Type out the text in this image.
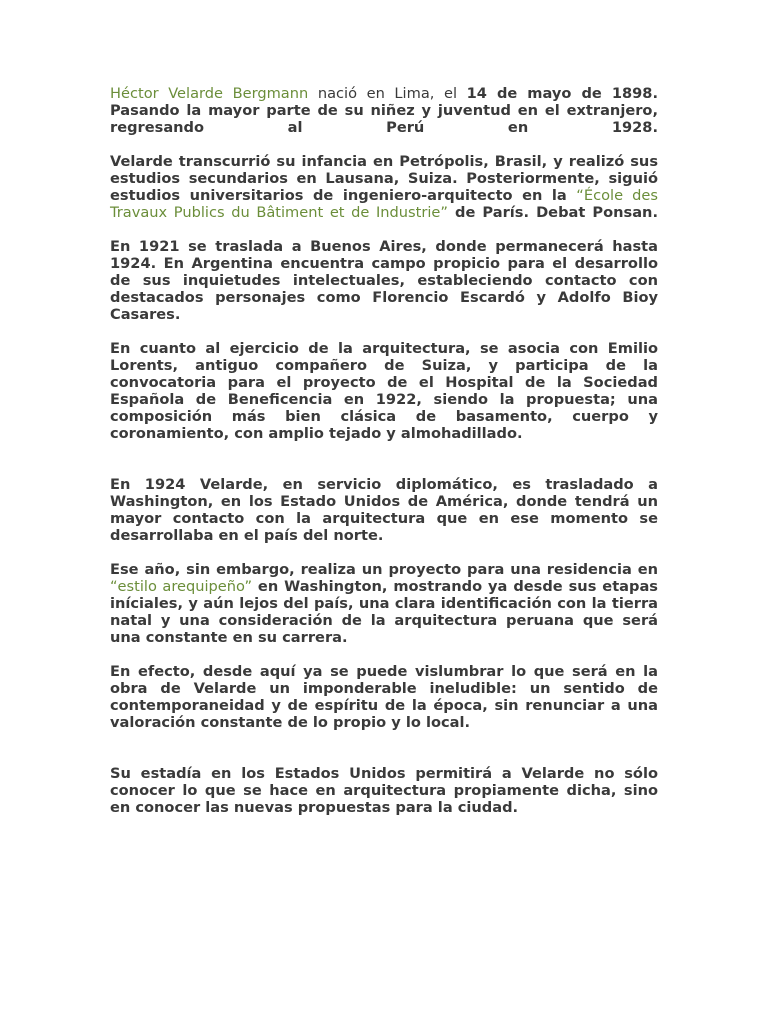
Héctor Velarde Bergmann nació en Lima, el 14 de mayo de 1898. Pasando la mayor parte de su niñez y juventud en el extranjero, regresando al Perú en 1928.

Velarde transcurrió su infancia en Petrópolis, Brasil, y realizó sus estudios secundarios en Lausana, Suiza. Posteriormente, siguió estudios universitarios de ingeniero-arquitecto en la “École des Travaux Publics du Bâtiment et de Industrie” de París. Debat Ponsan.

En 1921 se traslada a Buenos Aires, donde permanecerá hasta 1924. En Argentina encuentra campo propicio para el desarrollo de sus inquietudes intelectuales, estableciendo contacto con destacados personajes como Florencio Escardó y Adolfo Bioy Casares.

En cuanto al ejercicio de la arquitectura, se asocia con Emilio Lorents, antiguo compañero de Suiza, y participa de la convocatoria para el proyecto de el Hospital de la Sociedad Española de Beneficencia en 1922, siendo la propuesta; una composición más bien clásica de basamento, cuerpo y coronamiento, con amplio tejado y almohadillado.

En 1924 Velarde, en servicio diplomático, es trasladado a Washington, en los Estado Unidos de América, donde tendrá un mayor contacto con la arquitectura que en ese momento se desarrollaba en el país del norte.

Ese año, sin embargo, realiza un proyecto para una residencia en “estilo arequipeño” en Washington, mostrando ya desde sus etapas iníciales, y aún lejos del país, una clara identificación con la tierra natal y una consideración de la arquitectura peruana que será una constante en su carrera.

En efecto, desde aquí ya se puede vislumbrar lo que será en la obra de Velarde un imponderable ineludible: un sentido de contemporaneidad y de espíritu de la época, sin renunciar a una valoración constante de lo propio y lo local.

Su estadía en los Estados Unidos permitirá a Velarde no sólo conocer lo que se hace en arquitectura propiamente dicha, sino en conocer las nuevas propuestas para la ciudad.
